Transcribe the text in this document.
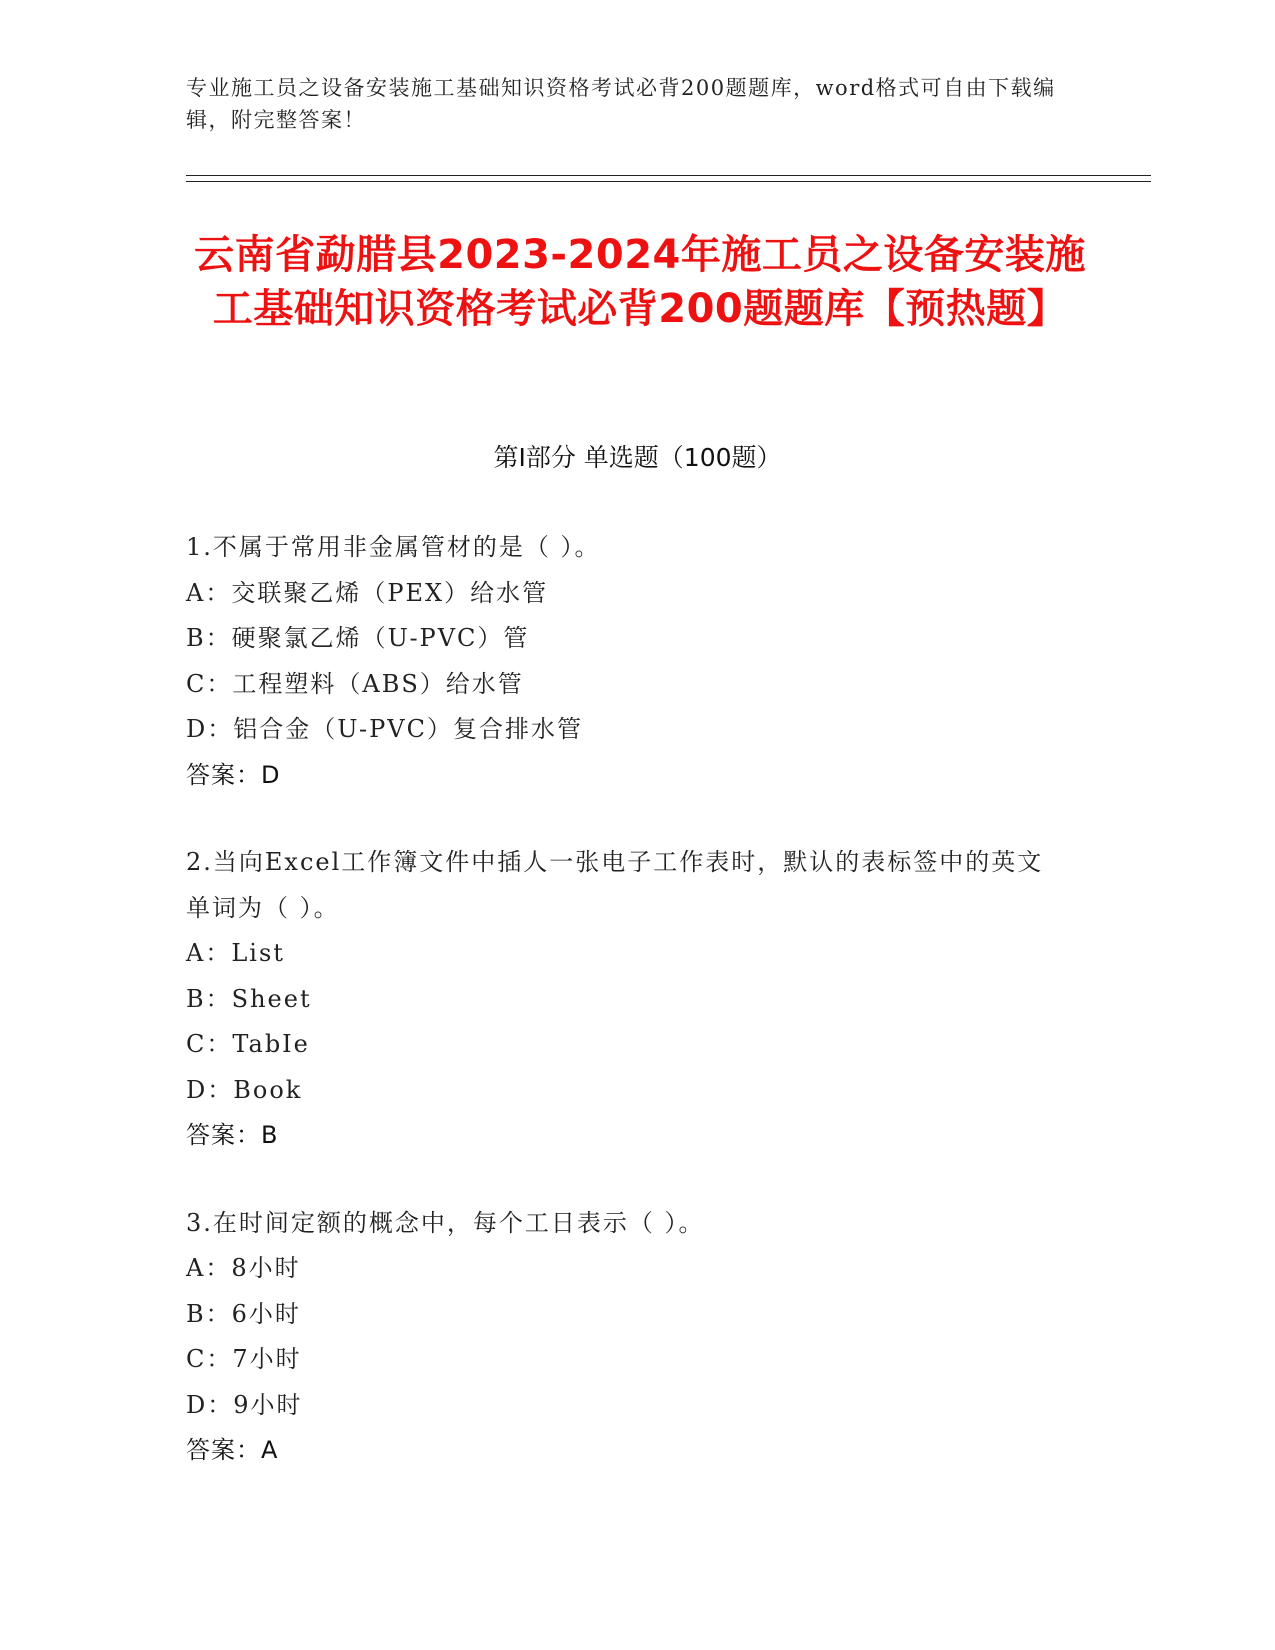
专业施工员之设备安装施工基础知识资格考试必背200题题库，word格式可自由下载编辑，附完整答案！
云南省勐腊县2023-2024年施工员之设备安装施工基础知识资格考试必背200题题库【预热题】
第I部分 单选题（100题）
1.不属于常用非金属管材的是（ ）。
A：交联聚乙烯（PEX）给水管
B：硬聚氯乙烯（U-PVC）管
C：工程塑料（ABS）给水管
D：铝合金（U-PVC）复合排水管
答案：D
2.当向Excel工作簿文件中插人一张电子工作表时，默认的表标签中的英文单词为（ ）。
A：List
B：Sheet
C：TabIe
D：Book
答案：B
3.在时间定额的概念中，每个工日表示（ ）。
A：8小时
B：6小时
C：7小时
D：9小时
答案：A
